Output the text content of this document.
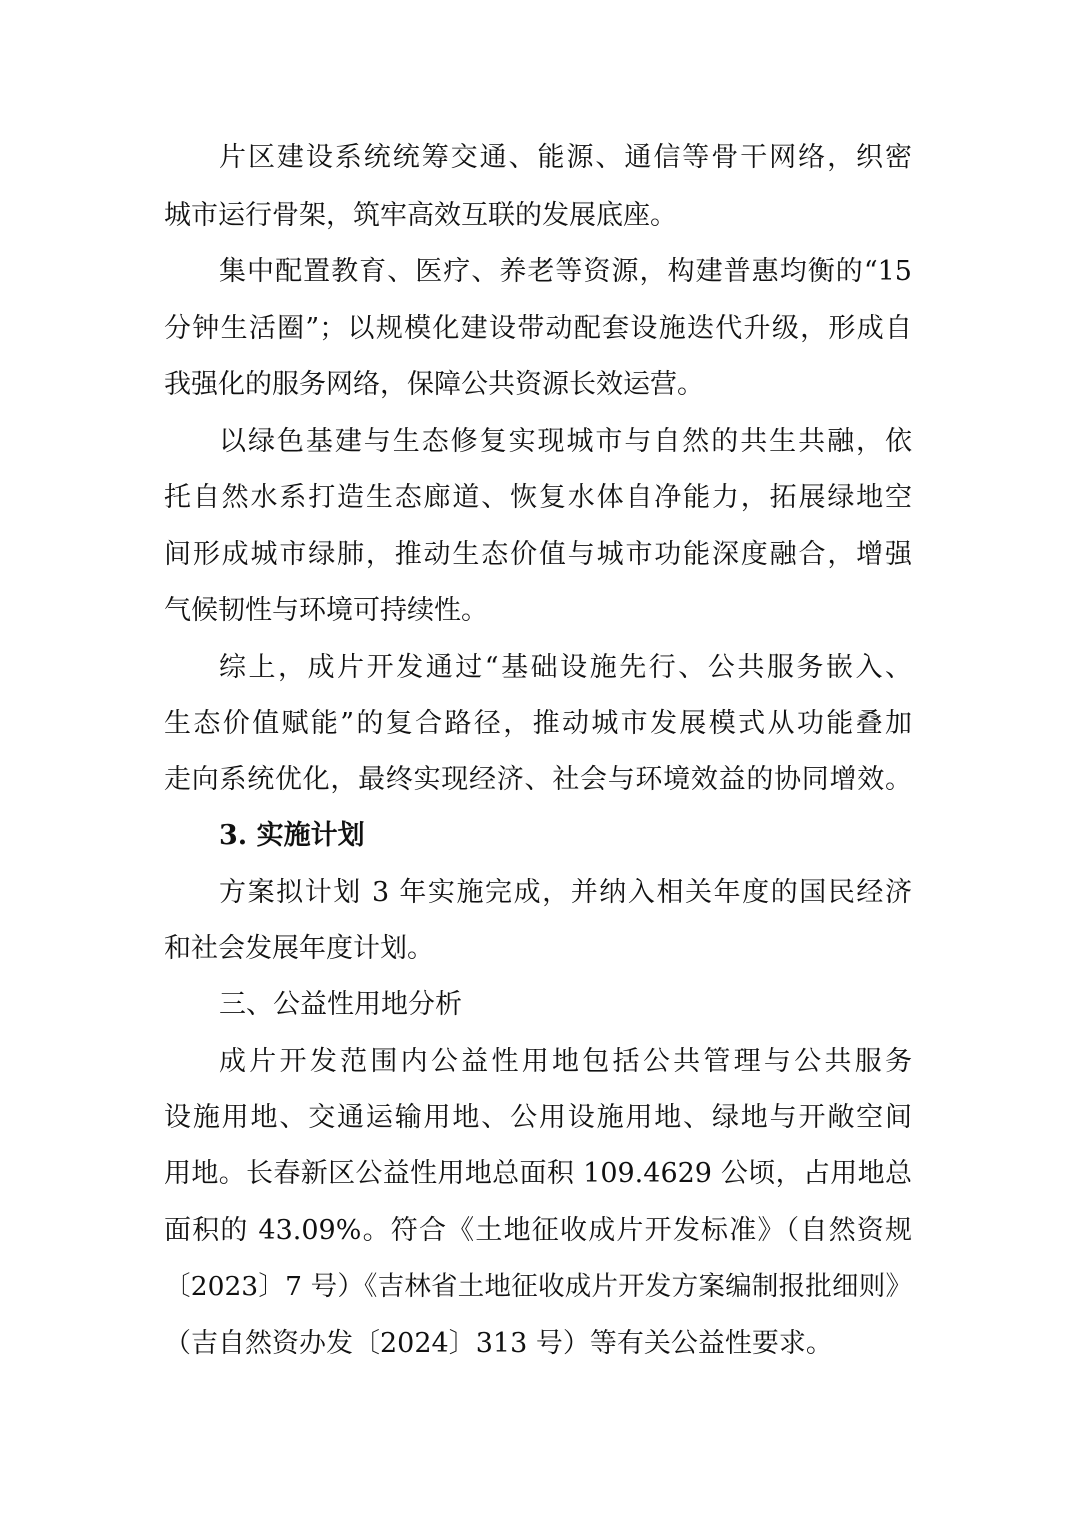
片区建设系统统筹交通、能源、通信等骨干网络，织密
城市运行骨架，筑牢高效互联的发展底座。
集中配置教育、医疗、养老等资源，构建普惠均衡的“15
分钟生活圈”；以规模化建设带动配套设施迭代升级，形成自
我强化的服务网络，保障公共资源长效运营。
以绿色基建与生态修复实现城市与自然的共生共融，依
托自然水系打造生态廊道、恢复水体自净能力，拓展绿地空
间形成城市绿肺，推动生态价值与城市功能深度融合，增强
气候韧性与环境可持续性。
综上，成片开发通过“基础设施先行、公共服务嵌入、
生态价值赋能”的复合路径，推动城市发展模式从功能叠加
走向系统优化，最终实现经济、社会与环境效益的协同增效。
3. 实施计划
方案拟计划 3 年实施完成，并纳入相关年度的国民经济
和社会发展年度计划。
三、公益性用地分析
成片开发范围内公益性用地包括公共管理与公共服务
设施用地、交通运输用地、公用设施用地、绿地与开敞空间
用地。长春新区公益性用地总面积 109.4629 公顷，占用地总
面积的 43.09%。符合《土地征收成片开发标准》（自然资规
〔2023〕7 号）《吉林省土地征收成片开发方案编制报批细则》
（吉自然资办发〔2024〕313 号）等有关公益性要求。
